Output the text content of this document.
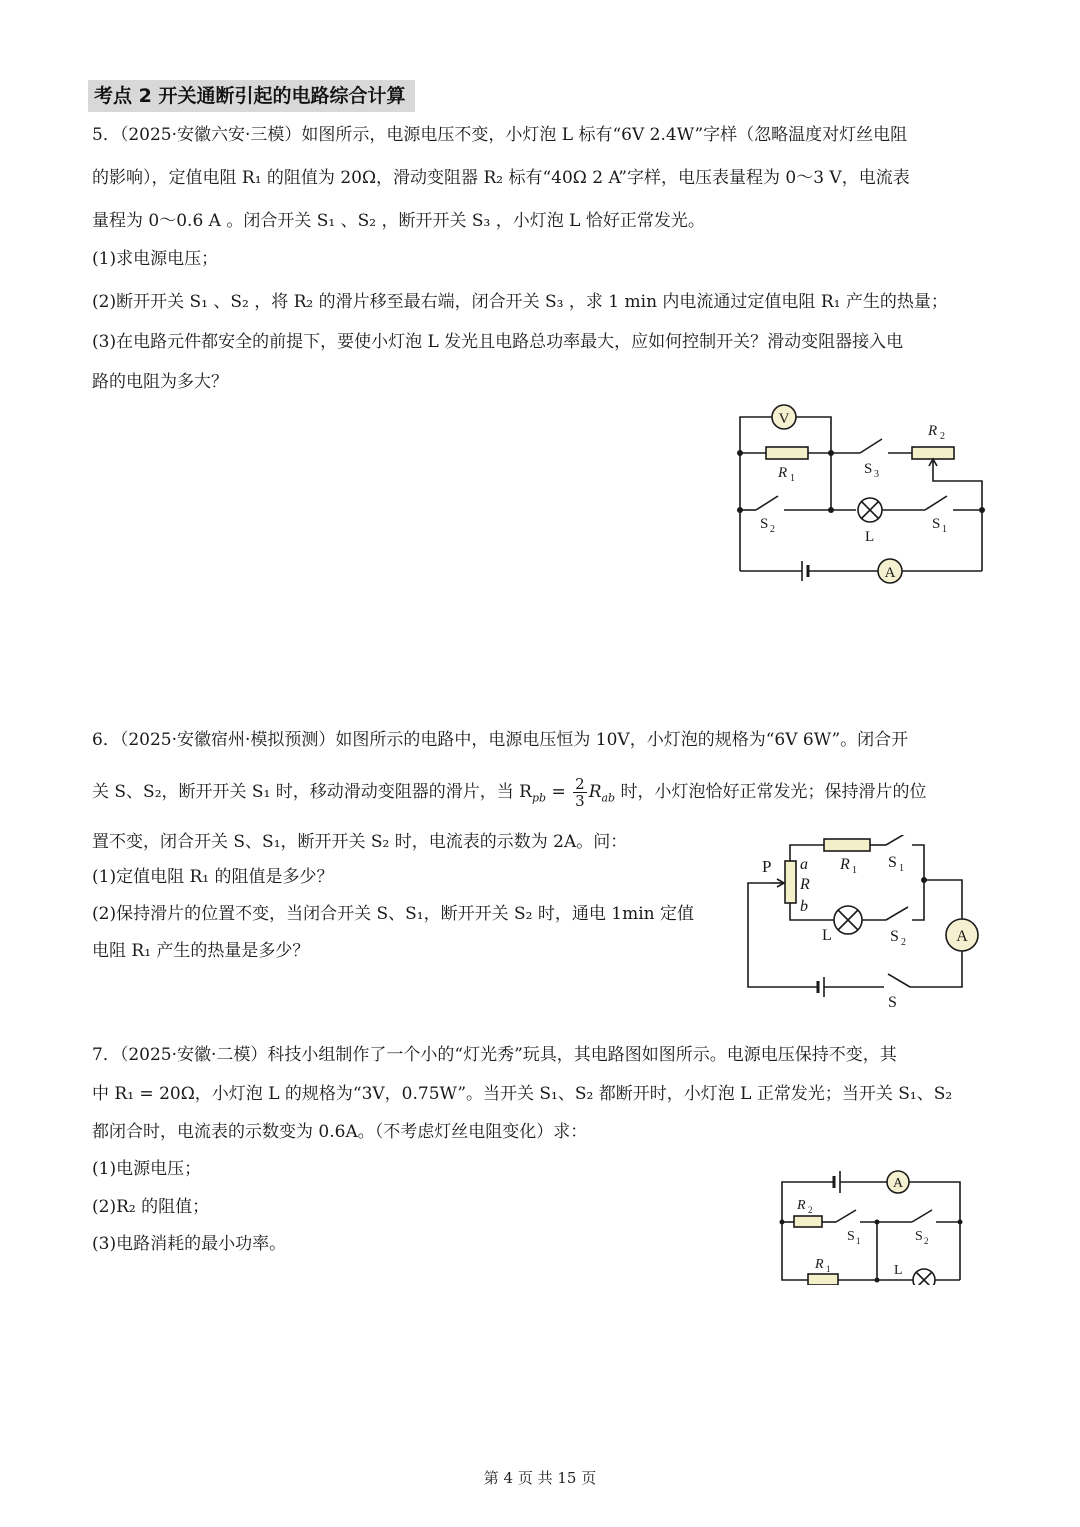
考点 2 开关通断引起的电路综合计算
5．（2025·安徽六安·三模）如图所示，电源电压不变，小灯泡 L 标有“6V 2.4W”字样（忽略温度对灯丝电阻
的影响），定值电阻 R₁ 的阻值为 20Ω，滑动变阻器 R₂ 标有“40Ω 2 A”字样，电压表量程为 0～3 V，电流表
量程为 0～0.6 A 。闭合开关 S₁ 、S₂ ，断开开关 S₃ ，小灯泡 L 恰好正常发光。
(1)求电源电压；
(2)断开开关 S₁ 、S₂ ，将 R₂ 的滑片移至最右端，闭合开关 S₃ ，求 1 min 内电流通过定值电阻 R₁ 产生的热量；
(3)在电路元件都安全的前提下，要使小灯泡 L 发光且电路总功率最大，应如何控制开关？滑动变阻器接入电
路的电阻为多大？
V
R 1
S 3
R 2
S 2	L
S 1
A
6．（2025·安徽宿州·模拟预测）如图所示的电路中，电源电压恒为 10V，小灯泡的规格为“6V 6W”。闭合开
关 S、S₂，断开开关 S₁ 时，移动滑动变阻器的滑片，当 $R_{pb} = \frac{2}{3} R_{ab}$ 时，小灯泡恰好正常发光；保持滑片的位
置不变，闭合开关 S、S₁，断开开关 S₂ 时，电流表的示数为 2A。问：
(1)定值电阻 R₁ 的阻值是多少？
(2)保持滑片的位置不变，当闭合开关 S、S₁，断开开关 S₂ 时，通电 1min 定值
电阻 R₁ 产生的热量是多少？
P a
R
b
R 1 S 1
L	S 2	A
S
7．（2025·安徽·二模）科技小组制作了一个小的“灯光秀”玩具，其电路图如图所示。电源电压保持不变，其
中 R₁ = 20Ω，小灯泡 L 的规格为“3V，0.75W”。当开关 S₁、S₂ 都断开时，小灯泡 L 正常发光；当开关 S₁、S₂
都闭合时，电流表的示数变为 0.6A。（不考虑灯丝电阻变化）求：
(1)电源电压；
(2)R₂ 的阻值；
(3)电路消耗的最小功率。
A
R 2
S 1	S 2
R 1	L
第 4 页 共 15 页
